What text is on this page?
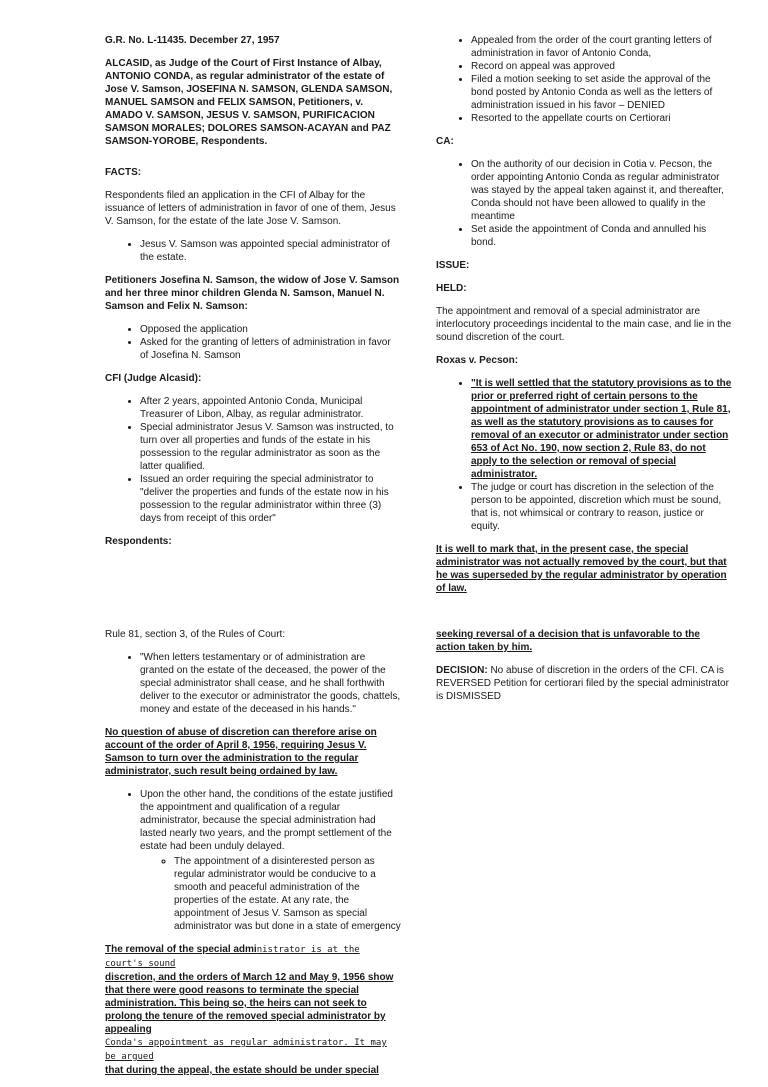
G.R. No. L-11435. December 27, 1957

ALCASID, as Judge of the Court of First Instance of Albay, ANTONIO CONDA, as regular administrator of the estate of Jose V. Samson, JOSEFINA N. SAMSON, GLENDA SAMSON, MANUEL SAMSON and FELIX SAMSON, Petitioners, v. AMADO V. SAMSON, JESUS V. SAMSON, PURIFICACION SAMSON MORALES; DOLORES SAMSON-ACAYAN and PAZ SAMSON-YOROBE, Respondents.

FACTS:

Respondents filed an application in the CFI of Albay for the issuance of letters of administration in favor of one of them, Jesus V. Samson, for the estate of the late Jose V. Samson.

• Jesus V. Samson was appointed special administrator of the estate.

Petitioners Josefina N. Samson, the widow of Jose V. Samson and her three minor children Glenda N. Samson, Manuel N. Samson and Felix N. Samson:

• Opposed the application
• Asked for the granting of letters of administration in favor of Josefina N. Samson

CFI (Judge Alcasid):

• After 2 years, appointed Antonio Conda, Municipal Treasurer of Libon, Albay, as regular administrator.
• Special administrator Jesus V. Samson was instructed, to turn over all properties and funds of the estate in his possession to the regular administrator as soon as the latter qualified.
• Issued an order requiring the special administrator to "deliver the properties and funds of the estate now in his possession to the regular administrator within three (3) days from receipt of this order"

Respondents:

• Appealed from the order of the court granting letters of administration in favor of Antonio Conda,
• Record on appeal was approved
• Filed a motion seeking to set aside the approval of the bond posted by Antonio Conda as well as the letters of administration issued in his favor – DENIED
• Resorted to the appellate courts on Certiorari

CA:

• On the authority of our decision in Cotia v. Pecson, the order appointing Antonio Conda as regular administrator was stayed by the appeal taken against it, and thereafter, Conda should not have been allowed to qualify in the meantime
• Set aside the appointment of Conda and annulled his bond.

ISSUE:

HELD:

The appointment and removal of a special administrator are interlocutory proceedings incidental to the main case, and lie in the sound discretion of the court.

Roxas v. Pecson:

• "It is well settled that the statutory provisions as to the prior or preferred right of certain persons to the appointment of administrator under section 1, Rule 81, as well as the statutory provisions as to causes for removal of an executor or administrator under section 653 of Act No. 190, now section 2, Rule 83, do not apply to the selection or removal of special administrator.
• The judge or court has discretion in the selection of the person to be appointed, discretion which must be sound, that is, not whimsical or contrary to reason, justice or equity.

It is well to mark that, in the present case, the special administrator was not actually removed by the court, but that he was superseded by the regular administrator by operation of law.

Rule 81, section 3, of the Rules of Court:

• "When letters testamentary or of administration are granted on the estate of the deceased, the power of the special administrator shall cease, and he shall forthwith deliver to the executor or administrator the goods, chattels, money and estate of the deceased in his hands."

No question of abuse of discretion can therefore arise on account of the order of April 8, 1956, requiring Jesus V. Samson to turn over the administration to the regular administrator, such result being ordained by law.

• Upon the other hand, the conditions of the estate justified the appointment and qualification of a regular administrator, because the special administration had lasted nearly two years, and the prompt settlement of the estate had been unduly delayed.
◦ The appointment of a disinterested person as regular administrator would be conducive to a smooth and peaceful administration of the properties of the estate. At any rate, the appointment of Jesus V. Samson as special administrator was but done in a state of emergency

The removal of the special administrator is at the court's sound
discretion, and the orders of March 12 and May 9, 1956 show that there were good reasons to terminate the special administration. This being so, the heirs can not seek to prolong the tenure of the removed special administrator by appealing
Conda's appointment as regular administrator. It may be argued
that during the appeal, the estate should be under special

seeking reversal of a decision that is unfavorable to the action taken by him.

DECISION: No abuse of discretion in the orders of the CFI. CA is REVERSED Petition for certiorari filed by the special administrator is DISMISSED
